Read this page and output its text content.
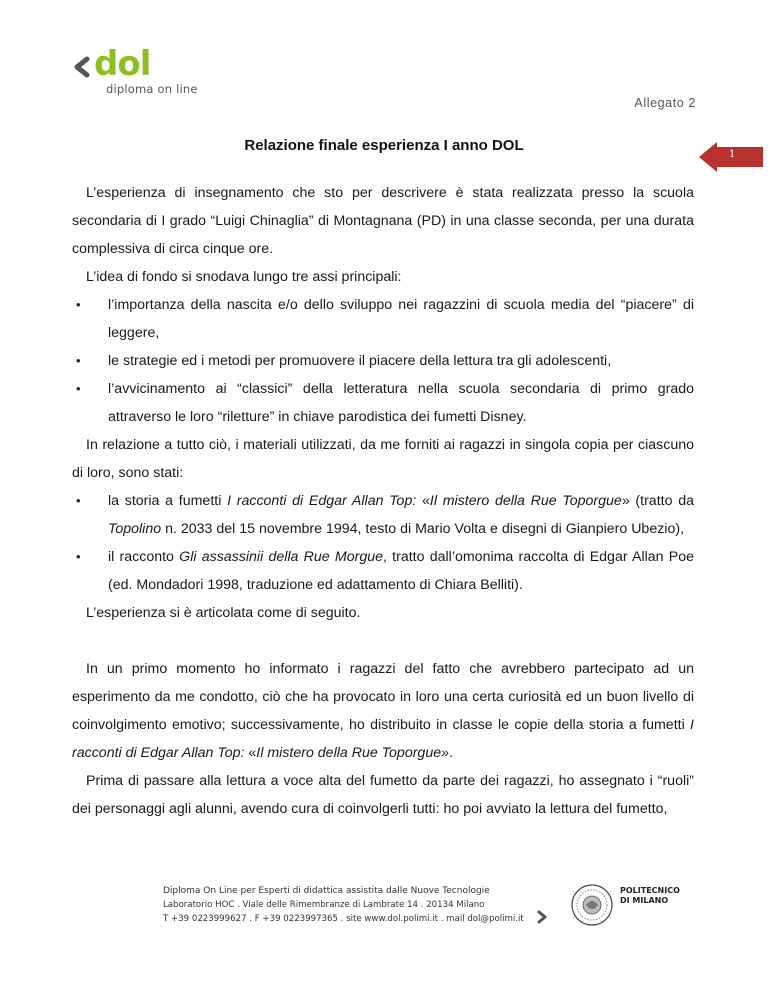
dol
diploma on line
Allegato 2
1
Relazione finale esperienza I anno DOL

L’esperienza di insegnamento che sto per descrivere è stata realizzata presso la scuola secondaria di I grado “Luigi Chinaglia” di Montagnana (PD) in una classe seconda, per una durata complessiva di circa cinque ore.

L’idea di fondo si snodava lungo tre assi principali:

• l’importanza della nascita e/o dello sviluppo nei ragazzini di scuola media del “piacere” di leggere,
• le strategie ed i metodi per promuovere il piacere della lettura tra gli adolescenti,
• l’avvicinamento ai “classici” della letteratura nella scuola secondaria di primo grado attraverso le loro “riletture” in chiave parodistica dei fumetti Disney.

In relazione a tutto ciò, i materiali utilizzati, da me forniti ai ragazzi in singola copia per ciascuno di loro, sono stati:

• la storia a fumetti I racconti di Edgar Allan Top: «Il mistero della Rue Toporgue» (tratto da Topolino n. 2033 del 15 novembre 1994, testo di Mario Volta e disegni di Gianpiero Ubezio),
• il racconto Gli assassinii della Rue Morgue, tratto dall’omonima raccolta di Edgar Allan Poe (ed. Mondadori 1998, traduzione ed adattamento di Chiara Belliti).

L’esperienza si è articolata come di seguito.

In un primo momento ho informato i ragazzi del fatto che avrebbero partecipato ad un esperimento da me condotto, ciò che ha provocato in loro una certa curiosità ed un buon livello di coinvolgimento emotivo; successivamente, ho distribuito in classe le copie della storia a fumetti I racconti di Edgar Allan Top: «Il mistero della Rue Toporgue».

Prima di passare alla lettura a voce alta del fumetto da parte dei ragazzi, ho assegnato i “ruoli” dei personaggi agli alunni, avendo cura di coinvolgerli tutti: ho poi avviato la lettura del fumetto,

Diploma On Line per Esperti di didattica assistita dalle Nuove Tecnologie
Laboratorio HOC . Viale delle Rimembranze di Lambrate 14 . 20134 Milano
T +39 0223999627 . F +39 0223997365 . site www.dol.polimi.it . mail dol@polimi.it
POLITECNICO
DI MILANO
